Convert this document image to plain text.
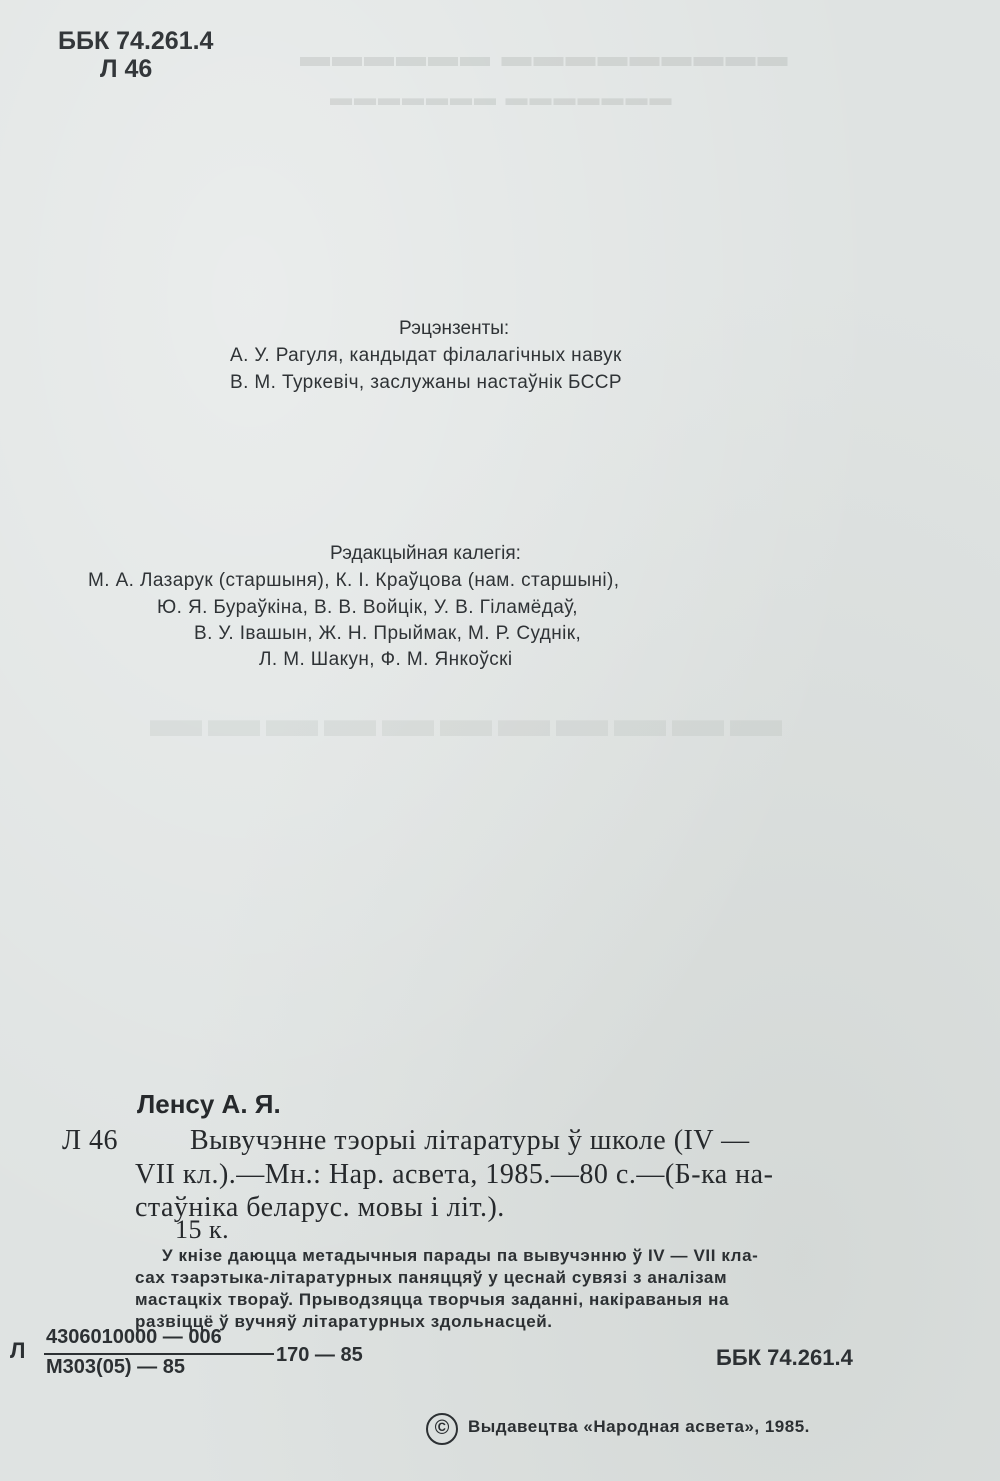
▬▬▬▬▬▬ ▬▬▬▬▬▬▬▬▬
▬▬▬▬▬▬▬ ▬▬▬▬▬▬▬
▬▬▬▬▬▬▬▬▬▬▬
ББК 74.261.4
Л 46
Рэцэнзенты:
А. У. Рагуля, кандыдат філалагічных навук
В. М. Туркевіч, заслужаны настаўнік БССР
Рэдакцыйная калегія:
М. А. Лазарук (старшыня), К. І. Краўцова (нам. старшыні),
Ю. Я. Бураўкіна, В. В. Войцік, У. В. Гіламёдаў,
В. У. Івашын, Ж. Н. Прыймак, М. Р. Суднік,
Л. М. Шакун, Ф. М. Янкоўскі
Ленсу А. Я.
Л 46	Вывучэнне тэорыі літаратуры ў школе (IV —
VII кл.).—Мн.: Нар. асвета, 1985.—80 с.—(Б-ка на-
стаўніка беларус. мовы і літ.).
15 к.
У кнізе даюцца метадычныя парады па вывучэнню ў IV — VII кла-
сах тэарэтыка-літаратурных паняццяў у цеснай сувязі з аналізам
мастацкіх твораў. Прыводзяцца творчыя заданні, накіраваныя на
развіццё ў вучняў літаратурных здольнасцей.
Л
4306010000 — 006
М303(05) — 85
170 — 85	ББК 74.261.4
©	Выдавецтва «Народная асвета», 1985.
